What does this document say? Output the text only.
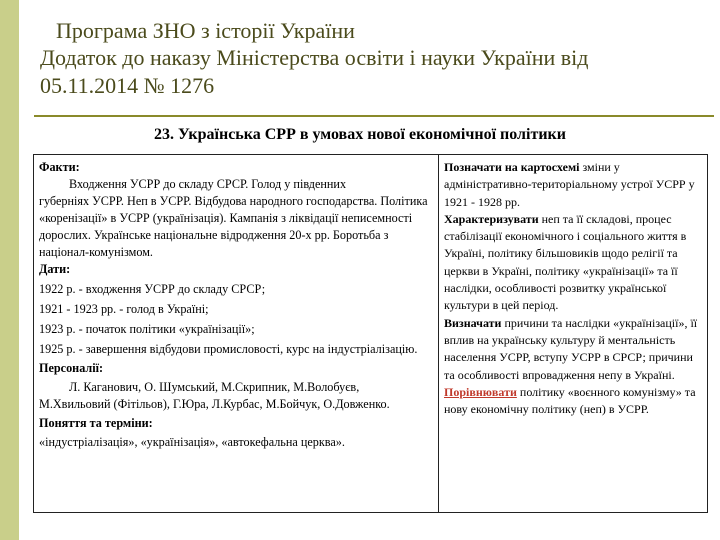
Програма ЗНО з історії України
Додаток до наказу Міністерства освіти і науки України від
05.11.2014 № 1276
23. Українська СРР в умовах нової економічної політики

Факти:

Входження УСРР до складу СРСР. Голод у південних
губерніях УСРР. Неп в УСРР. Відбудова народного господарства. Політика «коренізації» в УСРР (українізація). Кампанія з ліквідації неписемності дорослих. Українське національне відродження 20-х рр. Боротьба з націонал-комунізмом.

Дати:

1922 р. - входження УСРР до складу СРСР;

1921 - 1923 рр. - голод в Україні;

1923 р. - початок політики «українізації»;

1925 р. - завершення відбудови промисловості, курс на індустріалізацію.

Персоналії:

Л. Каганович, О. Шумський, М.Скрипник, М.Волобуєв,
М.Хвильовий (Фітільов), Г.Юра, Л.Курбас, М.Бойчук, О.Довженко.

Поняття та терміни:

«індустріалізація», «українізація», «автокефальна церква».

Позначати на картосхемі зміни у адміністративно-територіальному устрої УСРР у 1921 - 1928 рр.

Характеризувати неп та її складові, процес стабілізації економічного і соціального життя в Україні, політику більшовиків щодо релігії та церкви в Україні, політику «українізації» та її наслідки, особливості розвитку української культури в цей період.

Визначати причини та наслідки «українізації», її вплив на українську культуру й ментальність населення УСРР, вступу УСРР в СРСР; причини та особливості впровадження непу в Україні.

Порівнювати політику «воєнного комунізму» та нову економічну політику (неп) в УСРР.
